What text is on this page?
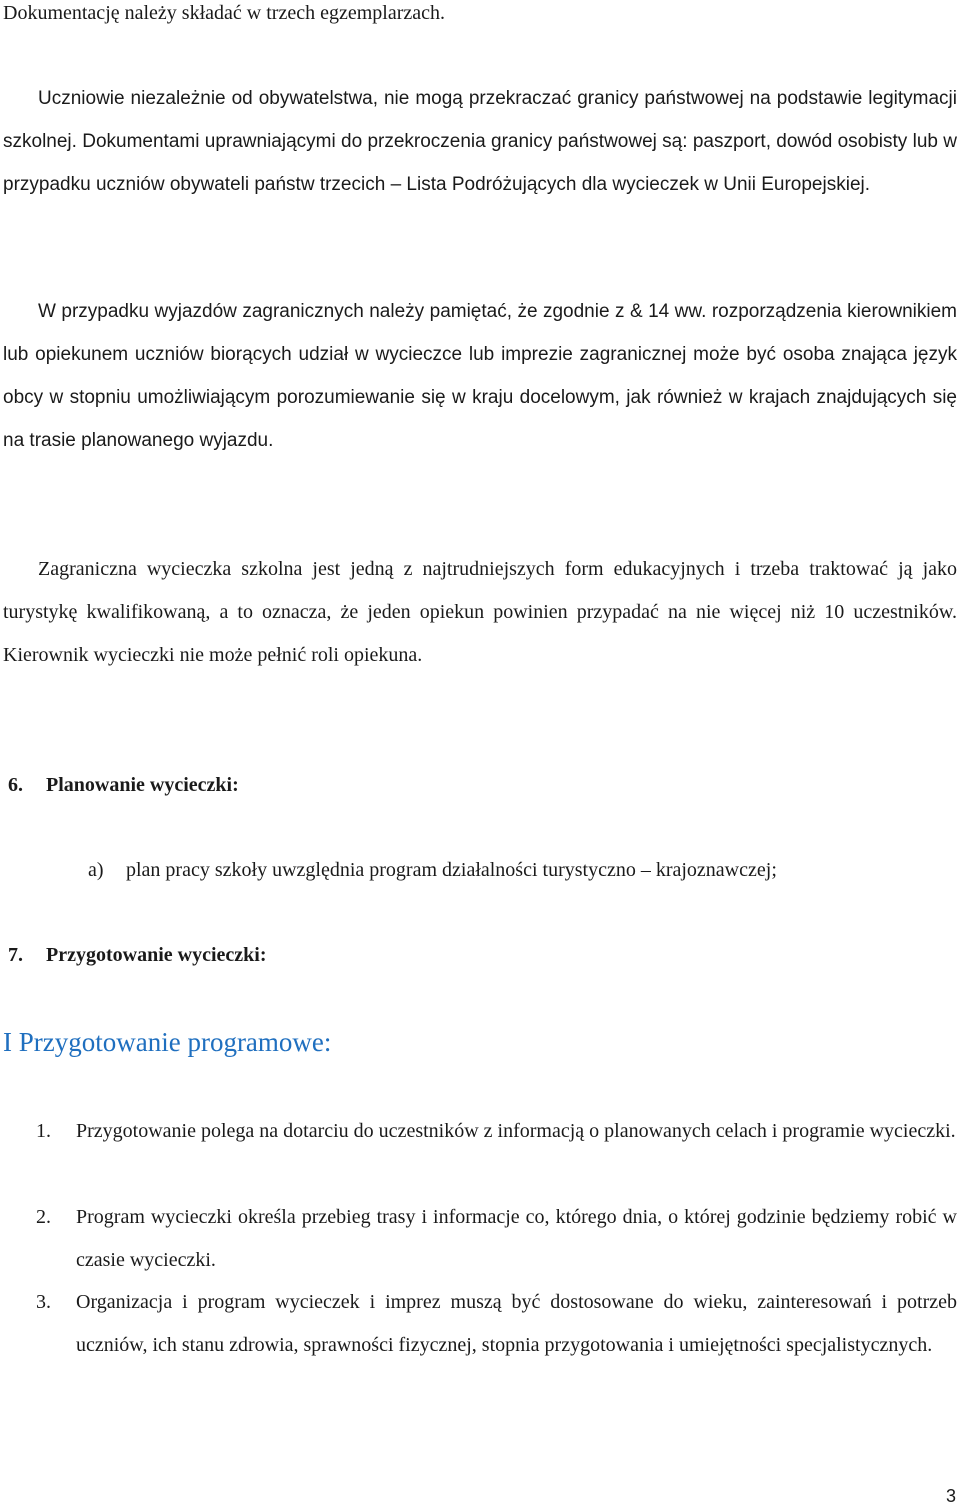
Dokumentację należy składać w trzech egzemplarzach.

Uczniowie niezależnie od obywatelstwa, nie mogą przekraczać granicy państwowej na podstawie legitymacji szkolnej. Dokumentami uprawniającymi do przekroczenia granicy państwowej są: paszport, dowód osobisty lub w przypadku uczniów obywateli państw trzecich – Lista Podróżujących dla wycieczek w Unii Europejskiej.

W przypadku wyjazdów zagranicznych należy pamiętać, że zgodnie z & 14 ww. rozporządzenia kierownikiem lub opiekunem uczniów biorących udział w wycieczce lub imprezie zagranicznej może być osoba znająca język obcy w stopniu umożliwiającym porozumiewanie się w kraju docelowym, jak również w krajach znajdujących się na trasie planowanego wyjazdu.

Zagraniczna wycieczka szkolna jest jedną z najtrudniejszych form edukacyjnych i trzeba traktować ją jako turystykę kwalifikowaną, a to oznacza, że jeden opiekun powinien przypadać na nie więcej niż 10 uczestników. Kierownik wycieczki nie może pełnić roli opiekuna.

6. Planowanie wycieczki:
a) plan pracy szkoły uwzględnia program działalności turystyczno – krajoznawczej;
7. Przygotowanie wycieczki:

I Przygotowanie programowe:

1. Przygotowanie polega na dotarciu do uczestników z informacją o planowanych celach i programie wycieczki.
2. Program wycieczki określa przebieg trasy i informacje co, którego dnia, o której godzinie będziemy robić w czasie wycieczki.
3. Organizacja i program wycieczek i imprez muszą być dostosowane do wieku, zainteresowań i potrzeb uczniów, ich stanu zdrowia, sprawności fizycznej, stopnia przygotowania i umiejętności specjalistycznych.
3
